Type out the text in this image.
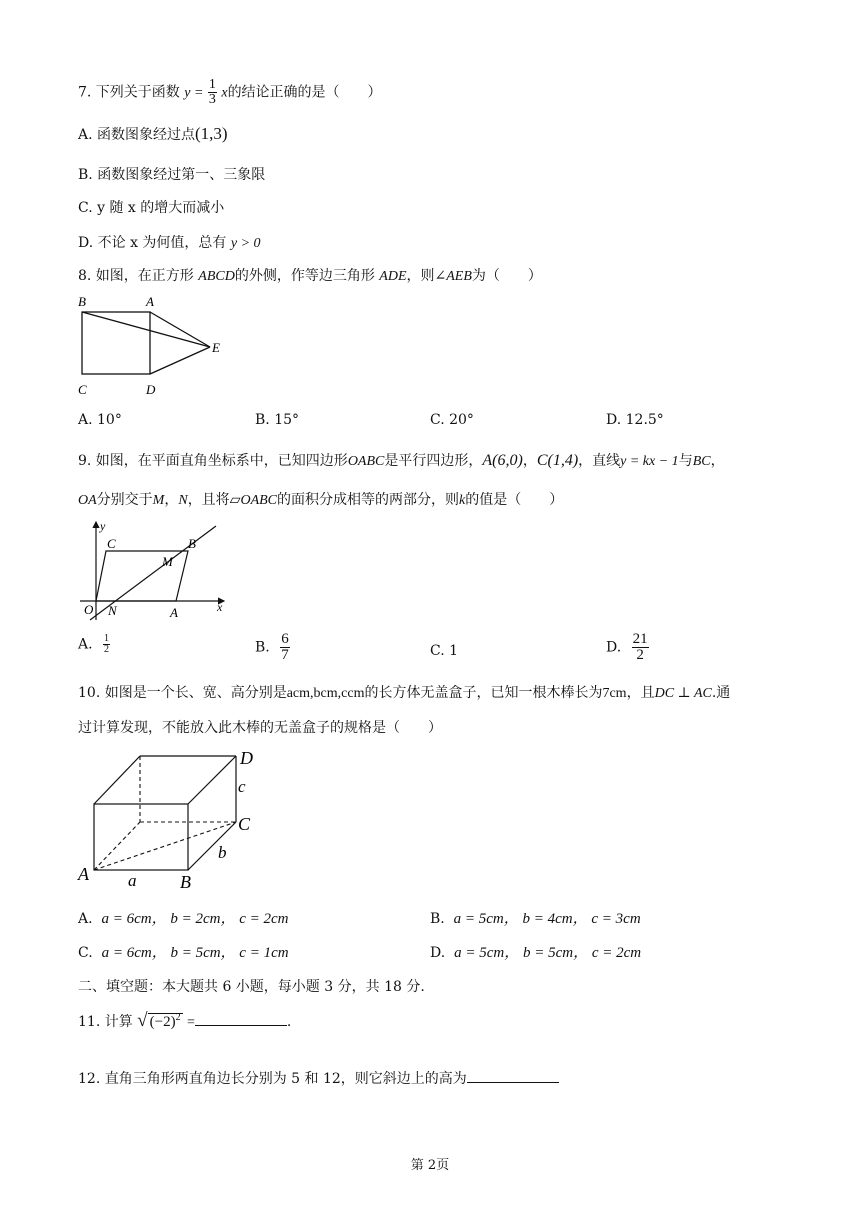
7. 下列关于函数 $y = \frac{1}{3}$ x的结论正确的是（　　）
A. 函数图象经过点(1,3)
B. 函数图象经过第一、三象限
C. y 随 x 的增大而减小
D. 不论 x 为何值，总有 y > 0
8. 如图，在正方形 ABCD的外侧，作等边三角形 ADE，则∠AEB为（　　）
B	A
E
C	D
A. 10°	B. 15°	C. 20°	D. 12.5°
9. 如图，在平面直角坐标系中，已知四边形OABC是平行四边形，A(6,0)，C(1,4)，直线y = kx − 1与BC，
OA分别交于M，N，且将▱OABC的面积分成相等的两部分，则k的值是（　　）
y
x
O N	A
C	B
M
A. $\frac{1}{2}$	B. $\frac{6}{7}$	C. 1	D. $\frac{21}{2}$
10. 如图是一个长、宽、高分别是acm,bcm,ccm的长方体无盖盒子，已知一根木棒长为7cm，且DC ⊥ AC.通
过计算发现，不能放入此木棒的无盖盒子的规格是（　　）
D
c
C
b
A a B
A. a = 6cm， b = 2cm， c = 2cm	B. a = 5cm， b = 4cm， c = 3cm
C. a = 6cm， b = 5cm， c = 1cm	D. a = 5cm， b = 5cm， c = 2cm
二、填空题：本大题共 6 小题，每小题 3 分，共 18 分.
11. 计算 √ $(-2)^2$ =	.
12. 直角三角形两直角边长分别为 5 和 12，则它斜边上的高为
第 2页
